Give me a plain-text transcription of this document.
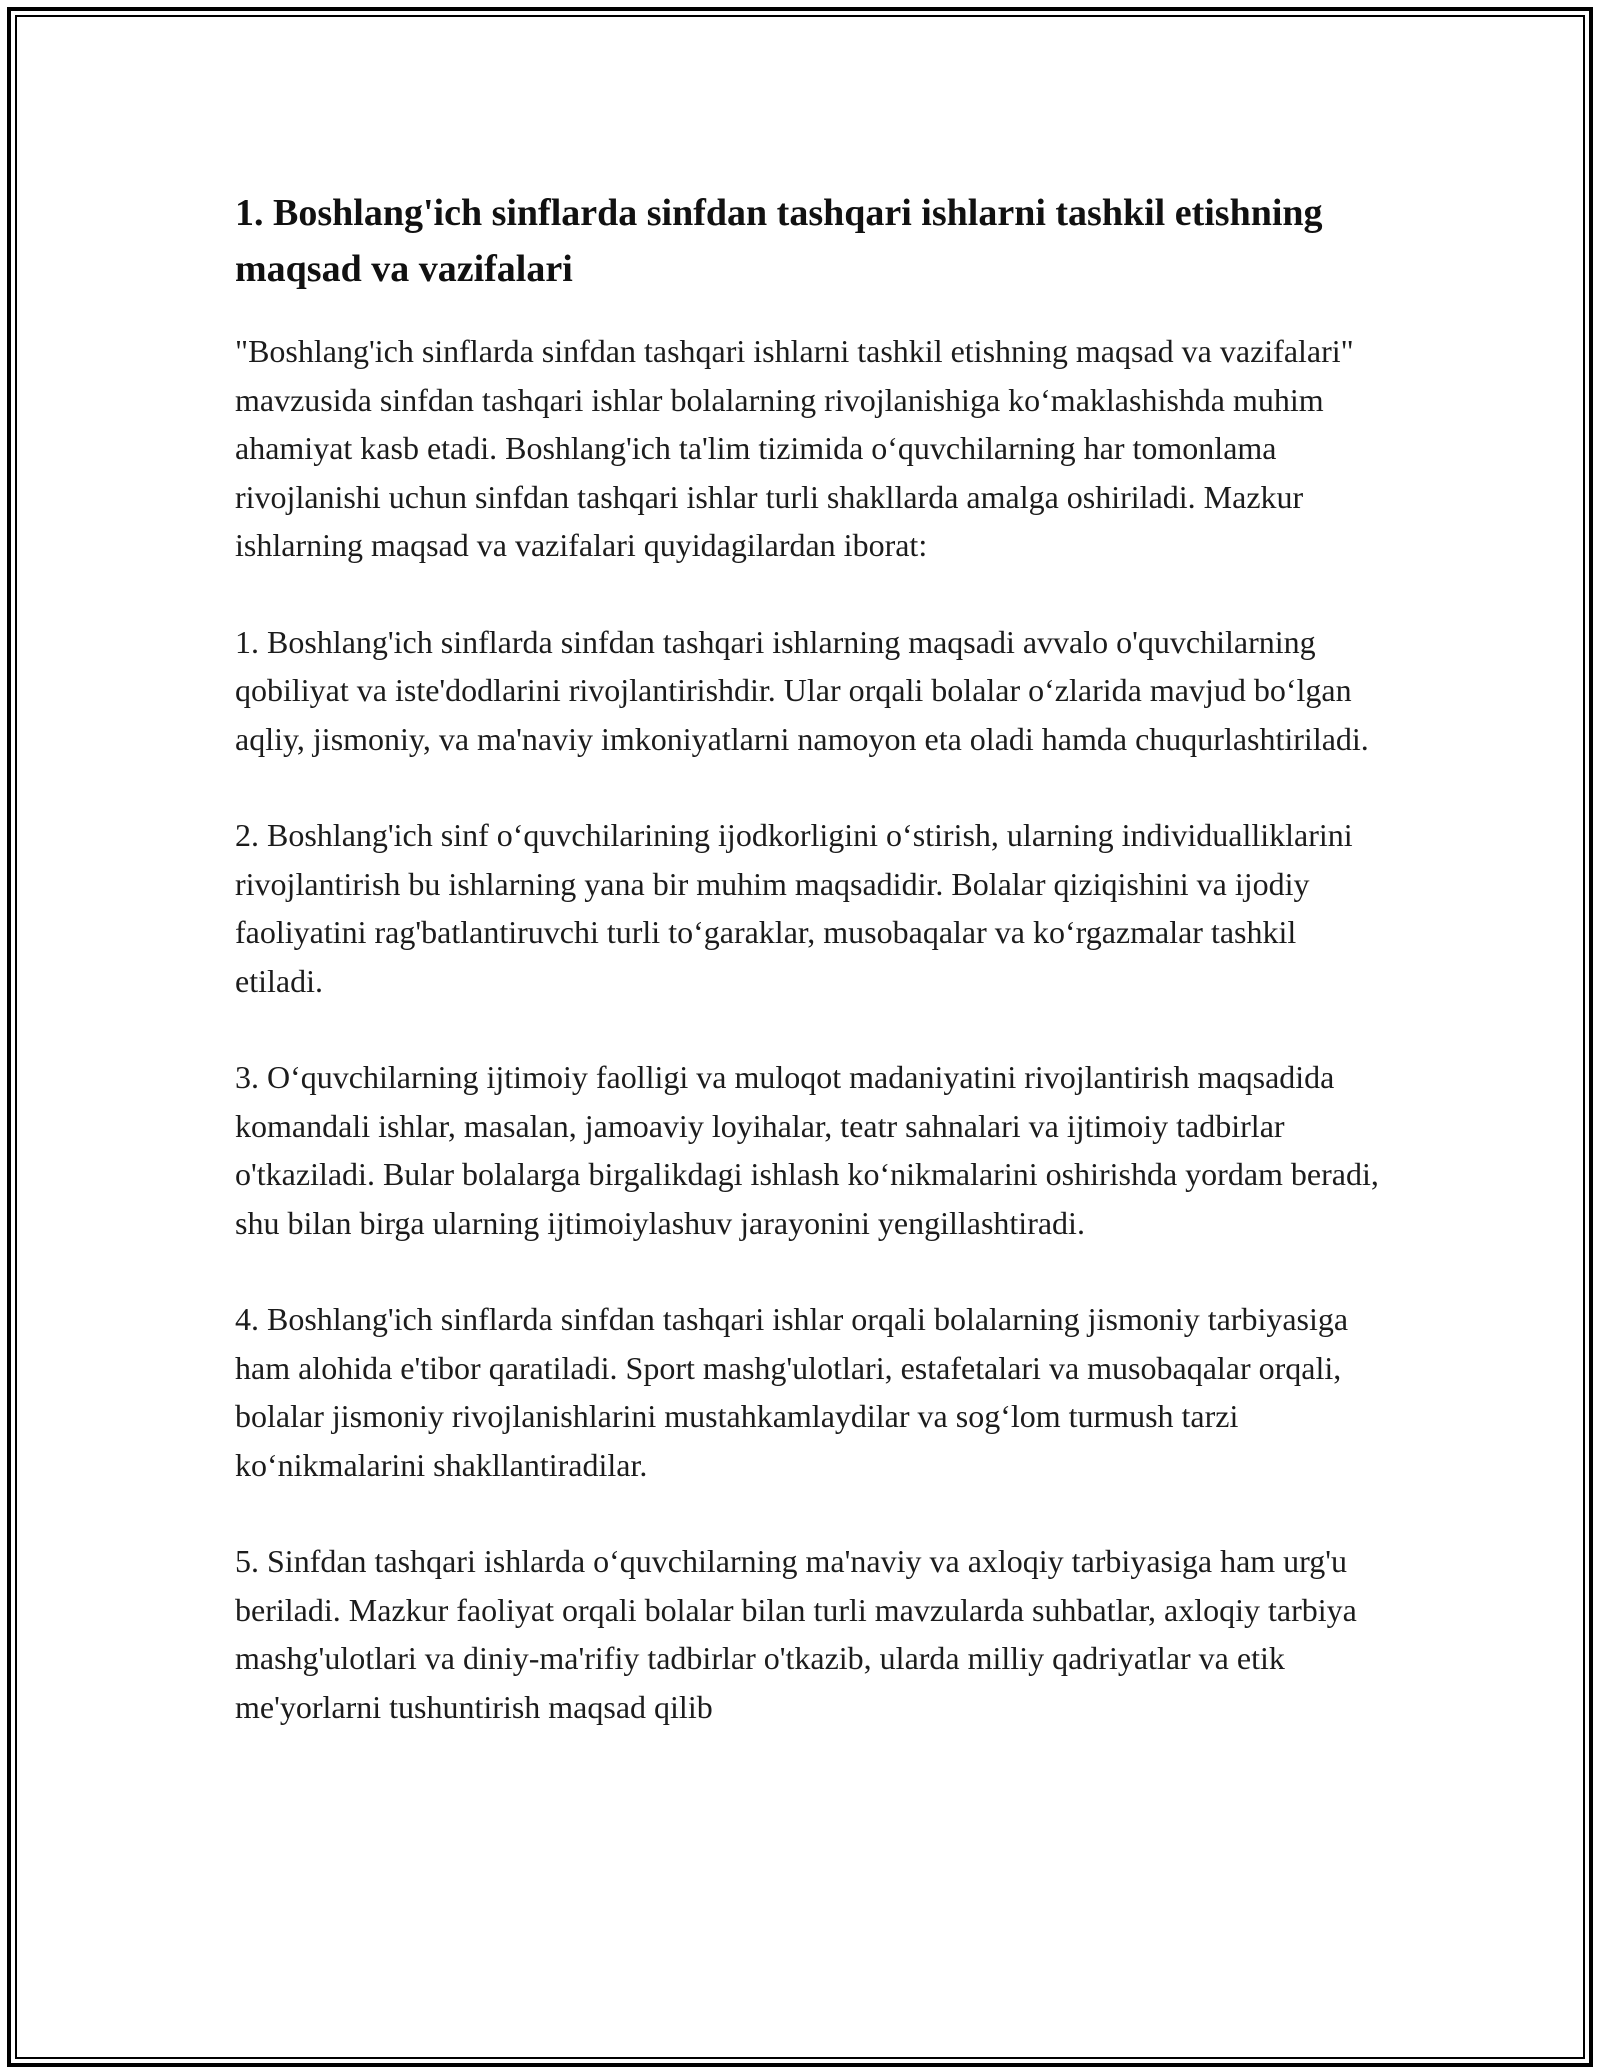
1. Boshlang'ich sinflarda sinfdan tashqari ishlarni tashkil etishning maqsad va vazifalari

"Boshlang'ich sinflarda sinfdan tashqari ishlarni tashkil etishning maqsad va vazifalari" mavzusida sinfdan tashqari ishlar bolalarning rivojlanishiga koʻmaklashishda muhim ahamiyat kasb etadi. Boshlang'ich ta'lim tizimida oʻquvchilarning har tomonlama rivojlanishi uchun sinfdan tashqari ishlar turli shakllarda amalga oshiriladi. Mazkur ishlarning maqsad va vazifalari quyidagilardan iborat:

1. Boshlang'ich sinflarda sinfdan tashqari ishlarning maqsadi avvalo o'quvchilarning qobiliyat va iste'dodlarini rivojlantirishdir. Ular orqali bolalar oʻzlarida mavjud boʻlgan aqliy, jismoniy, va ma'naviy imkoniyatlarni namoyon eta oladi hamda chuqurlashtiriladi.

2. Boshlang'ich sinf oʻquvchilarining ijodkorligini oʻstirish, ularning individualliklarini rivojlantirish bu ishlarning yana bir muhim maqsadidir. Bolalar qiziqishini va ijodiy faoliyatini rag'batlantiruvchi turli toʻgaraklar, musobaqalar va koʻrgazmalar tashkil etiladi.

3. Oʻquvchilarning ijtimoiy faolligi va muloqot madaniyatini rivojlantirish maqsadida komandali ishlar, masalan, jamoaviy loyihalar, teatr sahnalari va ijtimoiy tadbirlar o'tkaziladi. Bular bolalarga birgalikdagi ishlash koʻnikmalarini oshirishda yordam beradi, shu bilan birga ularning ijtimoiylashuv jarayonini yengillashtiradi.

4. Boshlang'ich sinflarda sinfdan tashqari ishlar orqali bolalarning jismoniy tarbiyasiga ham alohida e'tibor qaratiladi. Sport mashg'ulotlari, estafetalari va musobaqalar orqali, bolalar jismoniy rivojlanishlarini mustahkamlaydilar va sogʻlom turmush tarzi koʻnikmalarini shakllantiradilar.

5. Sinfdan tashqari ishlarda oʻquvchilarning ma'naviy va axloqiy tarbiyasiga ham urg'u beriladi. Mazkur faoliyat orqali bolalar bilan turli mavzularda suhbatlar, axloqiy tarbiya mashg'ulotlari va diniy-ma'rifiy tadbirlar o'tkazib, ularda milliy qadriyatlar va etik me'yorlarni tushuntirish maqsad qilib
